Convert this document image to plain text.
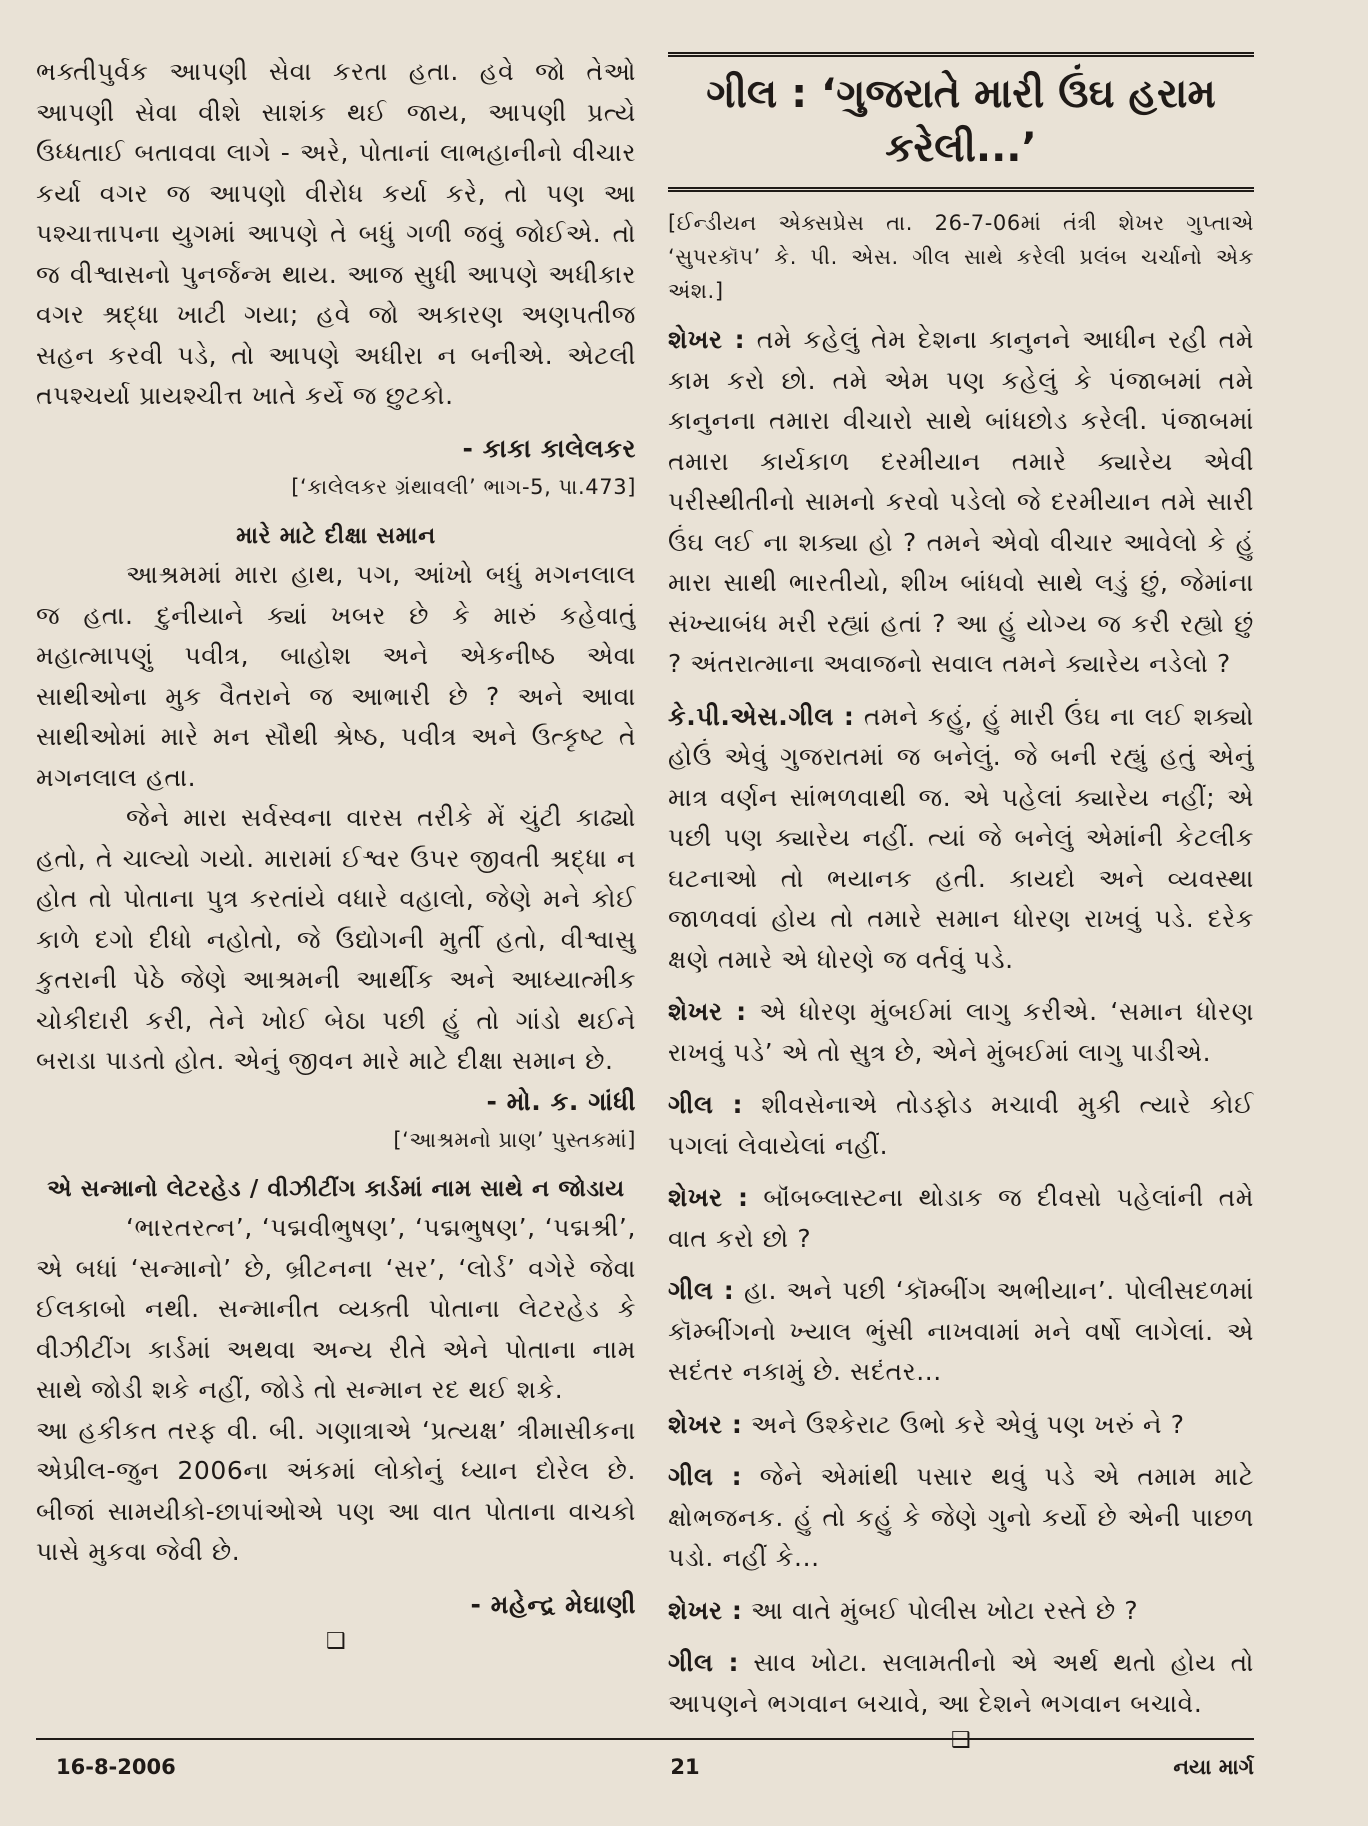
ભક્તીપુર્વક આપણી સેવા કરતા હતા. હવે જો તેઓ આપણી સેવા વીશે સાશંક થઈ જાય, આપણી પ્રત્યે ઉધ્ધતાઈ બતાવવા લાગે - અરે, પોતાનાં લાભહાનીનો વીચાર કર્યા વગર જ આપણો વીરોધ કર્યા કરે, તો પણ આ પશ્ચાત્તાપના યુગમાં આપણે તે બધું ગળી જવું જોઈએ. તો જ વીશ્વાસનો પુનર્જન્મ થાય. આજ સુધી આપણે અધીકાર વગર શ્રદ્ધા ખાટી ગયા; હવે જો અકારણ અણપતીજ સહન કરવી પડે, તો આપણે અધીરા ન બનીએ. એટલી તપશ્ચર્યા પ્રાયશ્ચીત્ત ખાતે કર્યે જ છુટકો.

- કાકા કાલેલકર

[‘કાલેલકર ગ્રંથાવલી’ ભાગ-5, પા.473]

મારે માટે દીક્ષા સમાન

આશ્રમમાં મારા હાથ, પગ, આંખો બધું મગનલાલ જ હતા. દુનીયાને ક્યાં ખબર છે કે મારું કહેવાતું મહાત્માપણું પવીત્ર, બાહોશ અને એકનીષ્ઠ એવા સાથીઓના મુક વૈતરાને જ આભારી છે ? અને આવા સાથીઓમાં મારે મન સૌથી શ્રેષ્ઠ, પવીત્ર અને ઉત્કૃષ્ટ તે મગનલાલ હતા.

જેને મારા સર્વસ્વના વારસ તરીકે મેં ચુંટી કાઢ્યો હતો, તે ચાલ્યો ગયો. મારામાં ઈશ્વર ઉપર જીવતી શ્રદ્ધા ન હોત તો પોતાના પુત્ર કરતાંયે વધારે વહાલો, જેણે મને કોઈ કાળે દગો દીધો નહોતો, જે ઉદ્યોગની મુર્તી હતો, વીશ્વાસુ કુતરાની પેઠે જેણે આશ્રમની આર્થીક અને આધ્યાત્મીક ચોકીદારી કરી, તેને ખોઈ બેઠા પછી હું તો ગાંડો થઈને બરાડા પાડતો હોત. એનું જીવન મારે માટે દીક્ષા સમાન છે.

- મો. ક. ગાંધી

[‘આશ્રમનો પ્રાણ’ પુસ્તકમાં]

એ સન્માનો લેટરહેડ / વીઝીટીંગ કાર્ડમાં નામ સાથે ન જોડાય

‘ભારતરત્ન’, ‘પદ્મવીભુષણ’, ‘પદ્મભુષણ’, ‘પદ્મશ્રી’, એ બધાં ‘સન્માનો’ છે, બ્રીટનના ‘સર’, ‘લોર્ડ’ વગેરે જેવા ઈલકાબો નથી. સન્માનીત વ્યક્તી પોતાના લેટરહેડ કે વીઝીટીંગ કાર્ડમાં અથવા અન્ય રીતે એને પોતાના નામ સાથે જોડી શકે નહીં, જોડે તો સન્માન રદ થઈ શકે.

આ હકીકત તરફ વી. બી. ગણાત્રાએ ‘પ્રત્યક્ષ’ ત્રીમાસીકના એપ્રીલ-જુન 2006ના અંકમાં લોકોનું ધ્યાન દોરેલ છે. બીજાં સામયીકો-છાપાંઓએ પણ આ વાત પોતાના વાચકો પાસે મુકવા જેવી છે.

- મહેન્દ્ર મેઘાણી

❑

ગીલ : ‘ગુજરાતે મારી ઉંઘ હરામ કરેલી...’

[ઈન્ડીયન એક્સપ્રેસ તા. 26-7-06માં તંત્રી શેખર ગુપ્તાએ ‘સુપરકૉપ’ કે. પી. એસ. ગીલ સાથે કરેલી પ્રલંબ ચર્ચાનો એક અંશ.]

શેખર : તમે કહેલું તેમ દેશના કાનુનને આધીન રહી તમે કામ કરો છો. તમે એમ પણ કહેલું કે પંજાબમાં તમે કાનુનના તમારા વીચારો સાથે બાંધછોડ કરેલી. પંજાબમાં તમારા કાર્યકાળ દરમીયાન તમારે ક્યારેય એવી પરીસ્થીતીનો સામનો કરવો પડેલો જે દરમીયાન તમે સારી ઉંઘ લઈ ના શક્યા હો ? તમને એવો વીચાર આવેલો કે હું મારા સાથી ભારતીયો, શીખ બાંધવો સાથે લડું છું, જેમાંના સંખ્યાબંધ મરી રહ્યાં હતાં ? આ હું યોગ્ય જ કરી રહ્યો છું ? અંતરાત્માના અવાજનો સવાલ તમને ક્યારેય નડેલો ?

કે.પી.એસ.ગીલ : તમને કહું, હું મારી ઉંઘ ના લઈ શક્યો હોઉં એવું ગુજરાતમાં જ બનેલું. જે બની રહ્યું હતું એનું માત્ર વર્ણન સાંભળવાથી જ. એ પહેલાં ક્યારેય નહીં; એ પછી પણ ક્યારેય નહીં. ત્યાં જે બનેલું એમાંની કેટલીક ઘટનાઓ તો ભયાનક હતી. કાયદો અને વ્યવસ્થા જાળવવાં હોય તો તમારે સમાન ધોરણ રાખવું પડે. દરેક ક્ષણે તમારે એ ધોરણે જ વર્તવું પડે.

શેખર : એ ધોરણ મુંબઈમાં લાગુ કરીએ. ‘સમાન ધોરણ રાખવું પડે’ એ તો સુત્ર છે, એને મુંબઈમાં લાગુ પાડીએ.

ગીલ : શીવસેનાએ તોડફોડ મચાવી મુકી ત્યારે કોઈ પગલાં લેવાયેલાં નહીં.

શેખર : બૉંબબ્લાસ્ટના થોડાક જ દીવસો પહેલાંની તમે વાત કરો છો ?

ગીલ : હા. અને પછી ‘કૉમ્બીંગ અભીયાન’. પોલીસદળમાં કૉમ્બીંગનો ખ્યાલ ભુંસી નાખવામાં મને વર્ષો લાગેલાં. એ સદંતર નકામું છે. સદંતર...

શેખર : અને ઉશ્કેરાટ ઉભો કરે એવું પણ ખરું ને ?

ગીલ : જેને એમાંથી પસાર થવું પડે એ તમામ માટે ક્ષોભજનક. હું તો કહું કે જેણે ગુનો કર્યો છે એની પાછળ પડો. નહીં કે...

શેખર : આ વાતે મુંબઈ પોલીસ ખોટા રસ્તે છે ?

ગીલ : સાવ ખોટા. સલામતીનો એ અર્થ થતો હોય તો આપણને ભગવાન બચાવે, આ દેશને ભગવાન બચાવે.

❑

16-8-2006	21	નયા માર્ગ
